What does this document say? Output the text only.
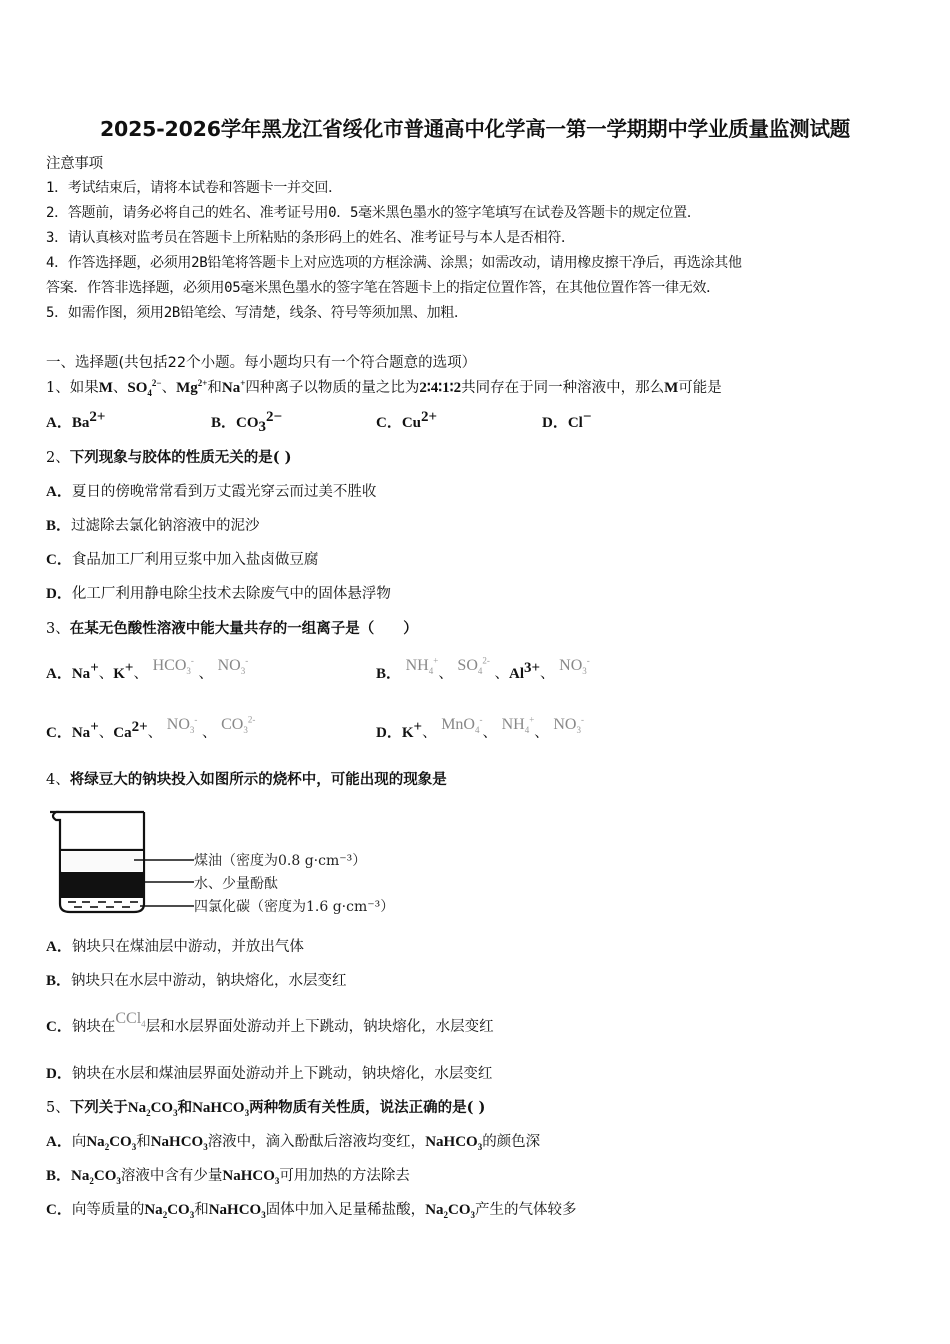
2025-2026学年黑龙江省绥化市普通高中化学高一第一学期期中学业质量监测试题
注意事项
1．考试结束后，请将本试卷和答题卡一并交回．
2．答题前，请务必将自己的姓名、准考证号用0．5毫米黑色墨水的签字笔填写在试卷及答题卡的规定位置．
3．请认真核对监考员在答题卡上所粘贴的条形码上的姓名、准考证号与本人是否相符．
4．作答选择题，必须用2B铅笔将答题卡上对应选项的方框涂满、涂黑；如需改动，请用橡皮擦干净后，再选涂其他
答案．作答非选择题，必须用05毫米黑色墨水的签字笔在答题卡上的指定位置作答，在其他位置作答一律无效．
5．如需作图，须用2B铅笔绘、写清楚，线条、符号等须加黑、加粗．
一、选择题(共包括22个小题。每小题均只有一个符合题意的选项）
1、如果M、$SO_4^{2-}$、$Mg^{2+}$和Na+四种离子以物质的量之比为2∶4∶1∶2共同存在于同一种溶液中，那么M可能是
A．$Ba^{2+}$	B．$CO_3^{2-}$	C．$Cu^{2+}$	D．Cl−
2、下列现象与胶体的性质无关的是( )
A．夏日的傍晚常常看到万丈霞光穿云而过美不胜收
B．过滤除去氯化钠溶液中的泥沙
C．食品加工厂利用豆浆中加入盐卤做豆腐
D．化工厂利用静电除尘技术去除废气中的固体悬浮物
3、在某无色酸性溶液中能大量共存的一组离子是（　　）
A．Na+、K+、 $HCO_3^-$ 、 $NO_3^-$
B． $NH_4^+$、 $SO_4^{2-}$ 、$Al^{3+}$、 $NO_3^-$
C．Na+、$Ca^{2+}$、 $NO_3^-$ 、 $CO_3^{2-}$
D．K+、 MnO$_4$-、 $NH_4^+$、 $NO_3^-$
4、将绿豆大的钠块投入如图所示的烧杯中，可能出现的现象是
煤油（密度为0.8 g·cm⁻³）
水、少量酚酞
四氯化碳（密度为1.6 g·cm⁻³）
A．钠块只在煤油层中游动，并放出气体
B．钠块只在水层中游动，钠块熔化，水层变红
C．钠块在CCl$_4$层和水层界面处游动并上下跳动，钠块熔化，水层变红
D．钠块在水层和煤油层界面处游动并上下跳动，钠块熔化，水层变红
5、下列关于$Na_2CO_3$和NaHCO$_3$两种物质有关性质，说法正确的是( )
A．向$Na_2CO_3$和NaHCO$_3$溶液中，滴入酚酞后溶液均变红，NaHCO$_3$的颜色深
B．$Na_2CO_3$溶液中含有少量NaHCO$_3$可用加热的方法除去
C．向等质量的$Na_2CO_3$和NaHCO$_3$固体中加入足量稀盐酸，$Na_2CO_3$产生的气体较多
